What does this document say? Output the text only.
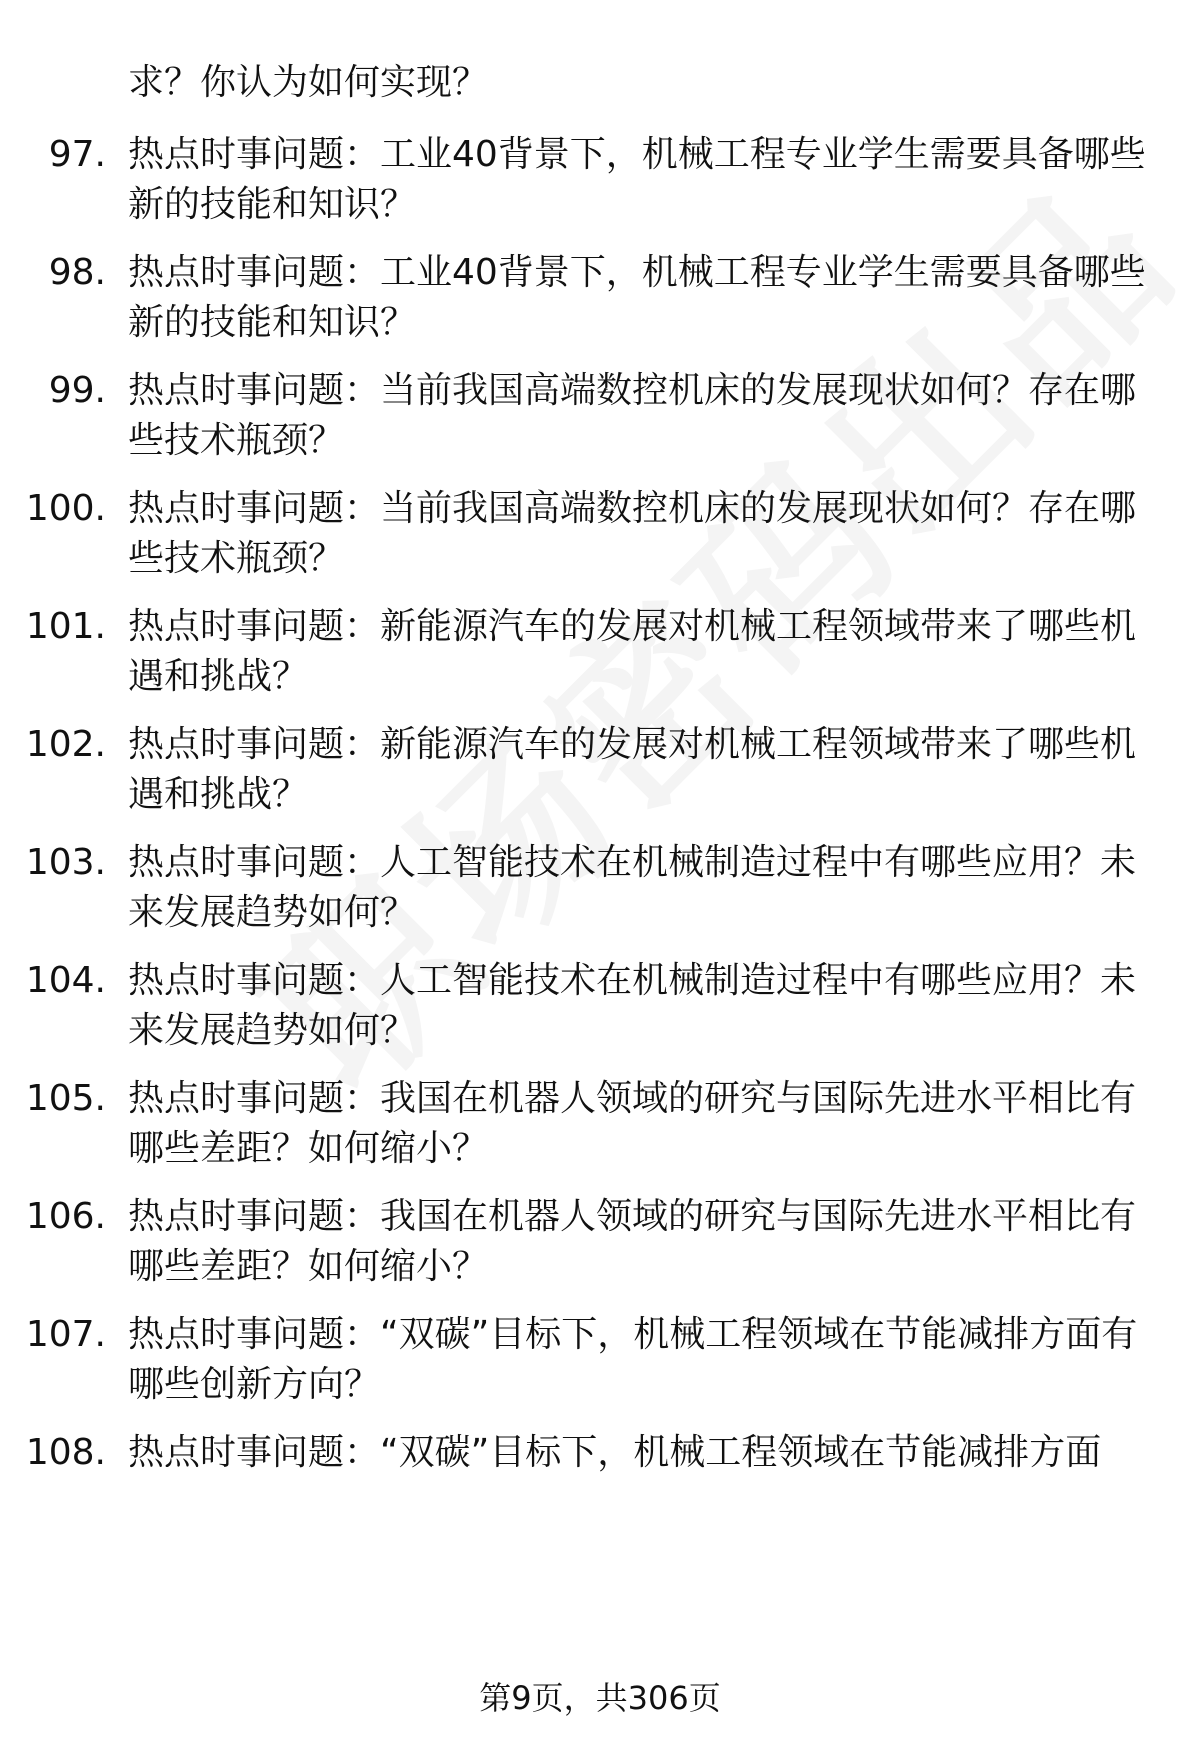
求？你认为如何实现？
97. 热点时事问题：工业40背景下，机械工程专业学生需要具备哪些新的技能和知识？
98. 热点时事问题：工业40背景下，机械工程专业学生需要具备哪些新的技能和知识？
99. 热点时事问题：当前我国高端数控机床的发展现状如何？存在哪些技术瓶颈？
100. 热点时事问题：当前我国高端数控机床的发展现状如何？存在哪些技术瓶颈？
101. 热点时事问题：新能源汽车的发展对机械工程领域带来了哪些机遇和挑战？
102. 热点时事问题：新能源汽车的发展对机械工程领域带来了哪些机遇和挑战？
103. 热点时事问题：人工智能技术在机械制造过程中有哪些应用？未来发展趋势如何？
104. 热点时事问题：人工智能技术在机械制造过程中有哪些应用？未来发展趋势如何？
105. 热点时事问题：我国在机器人领域的研究与国际先进水平相比有哪些差距？如何缩小？
106. 热点时事问题：我国在机器人领域的研究与国际先进水平相比有哪些差距？如何缩小？
107. 热点时事问题：“双碳”目标下，机械工程领域在节能减排方面有哪些创新方向？
108. 热点时事问题：“双碳”目标下，机械工程领域在节能减排方面
第9页，共306页
